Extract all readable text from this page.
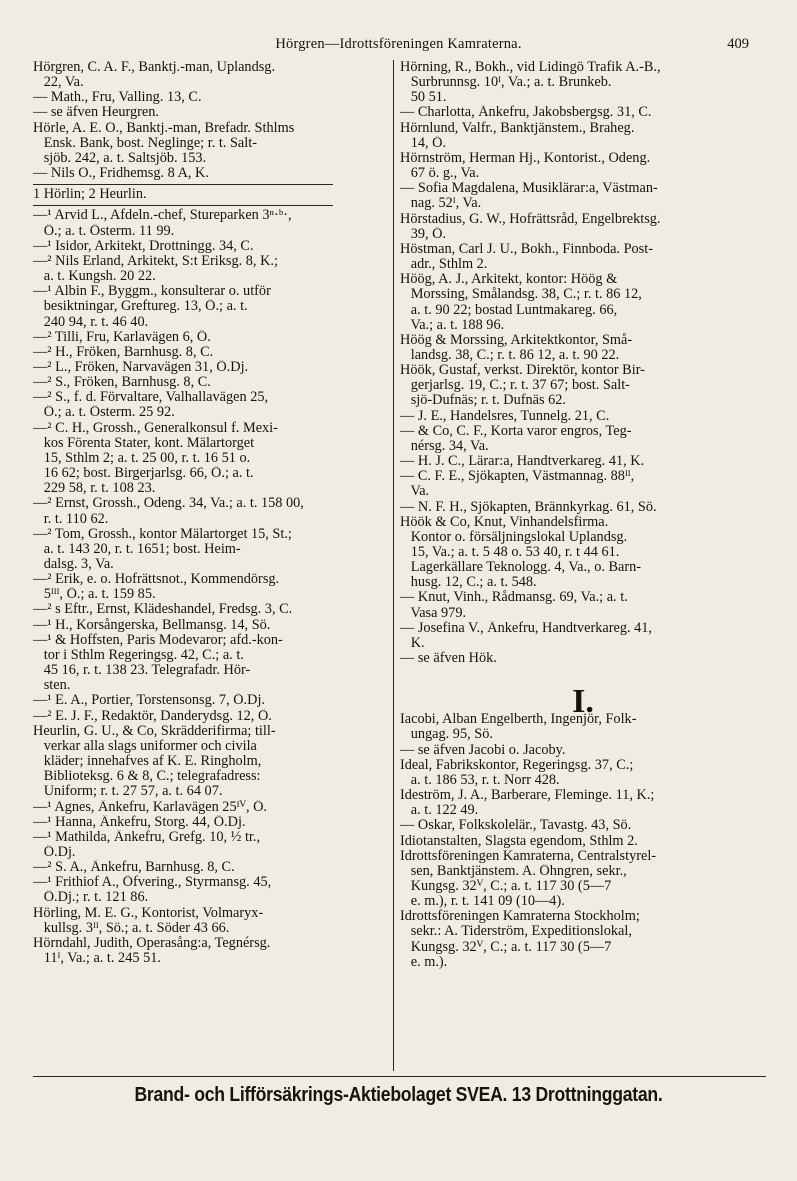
Hörgren—Idrottsföreningen Kamraterna.	409
Hörgren, C. A. F., Banktj.-man, Uplandsg.
22, Va.
— Math., Fru, Valling. 13, C.
— se äfven Heurgren.
Hörle, A. E. O., Banktj.-man, Brefadr. Sthlms
Ensk. Bank, bost. Neglinge; r. t. Salt-
sjöb. 242, a. t. Saltsjöb. 153.
— Nils O., Fridhemsg. 8 A, K.
1 Hörlin; 2 Heurlin.
—¹ Arvid L., Afdeln.-chef, Stureparken 3ⁿ·ᵇ·,
Ö.; a. t. Österm. 11 99.
—¹ Isidor, Arkitekt, Drottningg. 34, C.
—² Nils Erland, Arkitekt, S:t Eriksg. 8, K.;
a. t. Kungsh. 20 22.
—¹ Albin F., Byggm., konsulterar o. utför
besiktningar, Greftureg. 13, Ö.; a. t.
240 94, r. t. 46 40.
—² Tilli, Fru, Karlavägen 6, Ö.
—² H., Fröken, Barnhusg. 8, C.
—² L., Fröken, Narvavägen 31, Ö.Dj.
—² S., Fröken, Barnhusg. 8, C.
—² S., f. d. Förvaltare, Valhallavägen 25,
Ö.; a. t. Österm. 25 92.
—² C. H., Grossh., Generalkonsul f. Mexi-
kos Förenta Stater, kont. Mälartorget
15, Sthlm 2; a. t. 25 00, r. t. 16 51 o.
16 62; bost. Birgerjarlsg. 66, Ö.; a. t.
229 58, r. t. 108 23.
—² Ernst, Grossh., Odeng. 34, Va.; a. t. 158 00,
r. t. 110 62.
—² Tom, Grossh., kontor Mälartorget 15, St.;
a. t. 143 20, r. t. 1651; bost. Heim-
dalsg. 3, Va.
—² Erik, e. o. Hofrättsnot., Kommendörsg.
5ᴵᴵᴵ, Ö.; a. t. 159 85.
—² s Eftr., Ernst, Klädeshandel, Fredsg. 3, C.
—¹ H., Korsångerska, Bellmansg. 14, Sö.
—¹ & Hoffsten, Paris Modevaror; afd.-kon-
tor i Sthlm Regeringsg. 42, C.; a. t.
45 16, r. t. 138 23. Telegrafadr. Hör-
sten.
—¹ E. A., Portier, Torstensonsg. 7, Ö.Dj.
—² E. J. F., Redaktör, Danderydsg. 12, Ö.
Heurlin, G. U., & Co, Skrädderifirma; till-
verkar alla slags uniformer och civila
kläder; innehafves af K. E. Ringholm,
Biblioteksg. 6 & 8, C.; telegrafadress:
Uniform; r. t. 27 57, a. t. 64 07.
—¹ Agnes, Änkefru, Karlavägen 25ᴵⱽ, Ö.
—¹ Hanna, Änkefru, Storg. 44, Ö.Dj.
—¹ Mathilda, Änkefru, Grefg. 10, ½ tr.,
Ö.Dj.
—² S. A., Änkefru, Barnhusg. 8, C.
—¹ Frithiof A., Öfvering., Styrmansg. 45,
Ö.Dj.; r. t. 121 86.
Hörling, M. E. G., Kontorist, Volmaryx-
kullsg. 3ᴵᴵ, Sö.; a. t. Söder 43 66.
Hörndahl, Judith, Operasång:a, Tegnérsg.
11ᴵ, Va.; a. t. 245 51.
Hörning, R., Bokh., vid Lidingö Trafik A.-B.,
Surbrunnsg. 10ᴵ, Va.; a. t. Brunkeb.
50 51.
— Charlotta, Änkefru, Jakobsbergsg. 31, C.
Hörnlund, Valfr., Banktjänstem., Braheg.
14, Ö.
Hörnström, Herman Hj., Kontorist., Odeng.
67 ö. g., Va.
— Sofia Magdalena, Musiklärar:a, Västman-
nag. 52ᴵ, Va.
Hörstadius, G. W., Hofrättsråd, Engelbrektsg.
39, Ö.
Höstman, Carl J. U., Bokh., Finnboda. Post-
adr., Sthlm 2.
Höög, A. J., Arkitekt, kontor: Höög &
Morssing, Smålandsg. 38, C.; r. t. 86 12,
a. t. 90 22; bostad Luntmakareg. 66,
Va.; a. t. 188 96.
Höög & Morssing, Arkitektkontor, Små-
landsg. 38, C.; r. t. 86 12, a. t. 90 22.
Höök, Gustaf, verkst. Direktör, kontor Bir-
gerjarlsg. 19, C.; r. t. 37 67; bost. Salt-
sjö-Dufnäs; r. t. Dufnäs 62.
— J. E., Handelsres, Tunnelg. 21, C.
— & Co, C. F., Korta varor engros, Teg-
nérsg. 34, Va.
— H. J. C., Lärar:a, Handtverkareg. 41, K.
— C. F. E., Sjökapten, Västmannag. 88ᴵᴵ,
Va.
— N. F. H., Sjökapten, Brännkyrkag. 61, Sö.
Höök & Co, Knut, Vinhandelsfirma.
Kontor o. försäljningslokal Uplandsg.
15, Va.; a. t. 5 48 o. 53 40, r. t 44 61.
Lagerkällare Teknologg. 4, Va., o. Barn-
husg. 12, C.; a. t. 548.
— Knut, Vinh., Rådmansg. 69, Va.; a. t.
Vasa 979.
— Josefina V., Änkefru, Handtverkareg. 41,
K.
— se äfven Hök.
I.
Iacobi, Alban Engelberth, Ingenjör, Folk-
ungag. 95, Sö.
— se äfven Jacobi o. Jacoby.
Ideal, Fabrikskontor, Regeringsg. 37, C.;
a. t. 186 53, r. t. Norr 428.
Ideström, J. A., Barberare, Fleminge. 11, K.;
a. t. 122 49.
— Oskar, Folkskolelär., Tavastg. 43, Sö.
Idiotanstalten, Slagsta egendom, Sthlm 2.
Idrottsföreningen Kamraterna, Centralstyrel-
sen, Banktjänstem. A. Öhngren, sekr.,
Kungsg. 32ⱽ, C.; a. t. 117 30 (5—7
e. m.), r. t. 141 09 (10—4).
Idrottsföreningen Kamraterna Stockholm;
sekr.: A. Tiderström, Expeditionslokal,
Kungsg. 32ⱽ, C.; a. t. 117 30 (5—7
e. m.).
Brand- och Lifförsäkrings-Aktiebolaget SVEA. 13 Drottninggatan.
